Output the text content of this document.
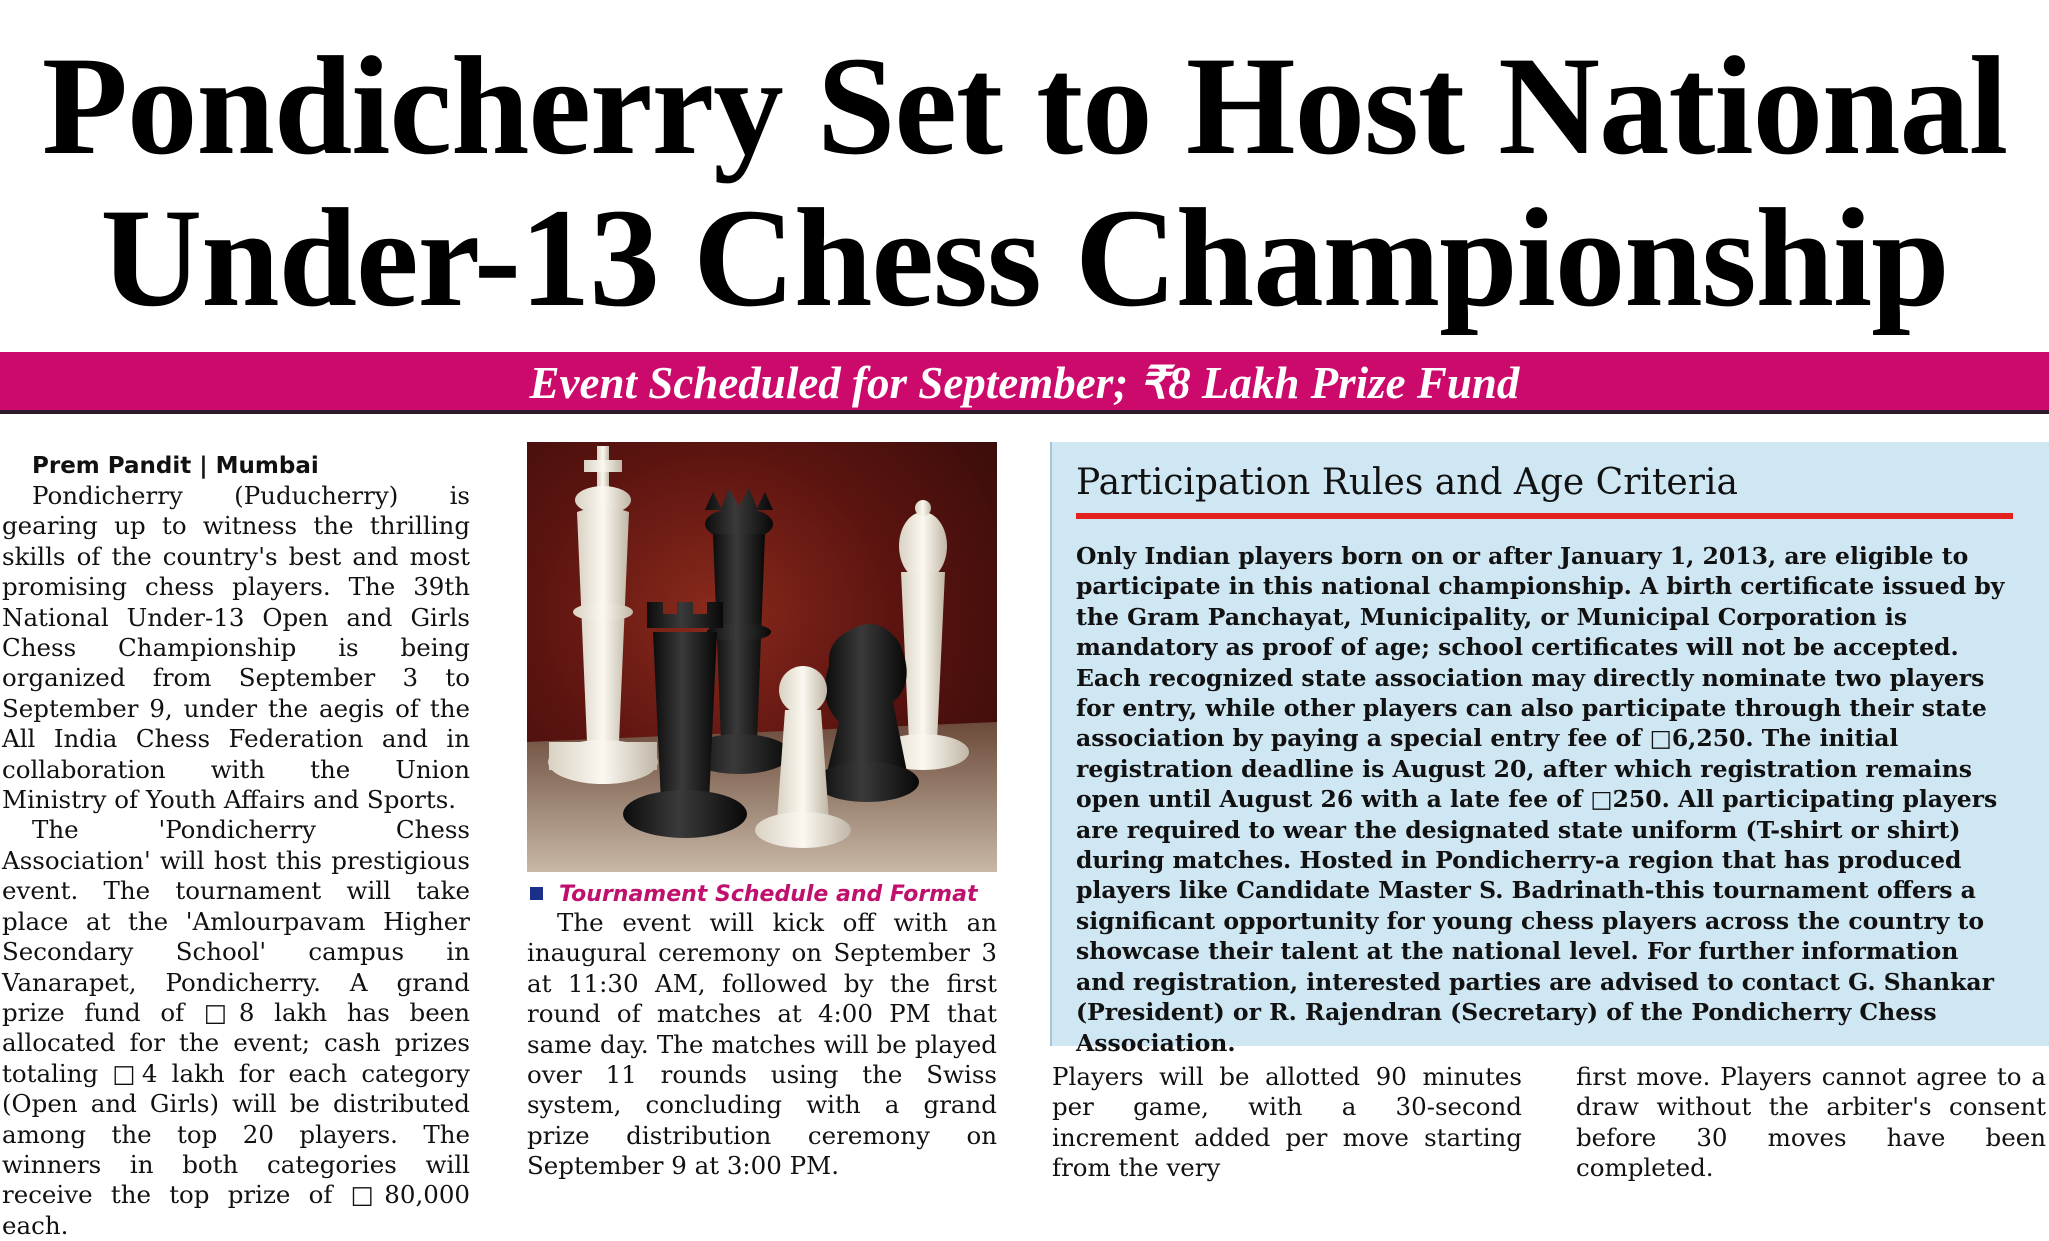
Pondicherry Set to Host National
Under-13 Chess Championship
Event Scheduled for September; ₹8 Lakh Prize Fund
Prem Pandit | Mumbai

Pondicherry (Puducherry) is gearing up to witness the thrilling skills of the country's best and most promising chess players. The 39th National Under-13 Open and Girls Chess Championship is being organized from September 3 to September 9, under the aegis of the All India Chess Federation and in collaboration with the Union Ministry of Youth Affairs and Sports.

The 'Pondicherry Chess Association' will host this prestigious event. The tournament will take place at the 'Amlourpavam Higher Secondary School' campus in Vanarapet, Pondicherry. A grand prize fund of □8 lakh has been allocated for the event; cash prizes totaling □4 lakh for each category (Open and Girls) will be distributed among the top 20 players. The winners in both categories will receive the top prize of □80,000 each.

Tournament Schedule and Format

The event will kick off with an inaugural ceremony on September 3 at 11:30 AM, followed by the first round of matches at 4:00 PM that same day. The matches will be played over 11 rounds using the Swiss system, concluding with a grand prize distribution ceremony on September 9 at 3:00 PM.

Participation Rules and Age Criteria
Only Indian players born on or after January 1, 2013, are eligible to participate in this national championship. A birth certificate issued by the Gram Panchayat, Municipality, or Municipal Corporation is mandatory as proof of age; school certificates will not be accepted. Each recognized state association may directly nominate two players for entry, while other players can also participate through their state association by paying a special entry fee of □6,250. The initial registration deadline is August 20, after which registration remains open until August 26 with a late fee of □250. All participating players are required to wear the designated state uniform (T-shirt or shirt) during matches. Hosted in Pondicherry-a region that has produced players like Candidate Master S. Badrinath-this tournament offers a significant opportunity for young chess players across the country to showcase their talent at the national level. For further information and registration, interested parties are advised to contact G. Shankar (President) or R. Rajendran (Secretary) of the Pondicherry Chess Association.

Players will be allotted 90 minutes per game, with a 30-second increment added per move starting from the very

first move. Players cannot agree to a draw without the arbiter's consent before 30 moves have been completed.
